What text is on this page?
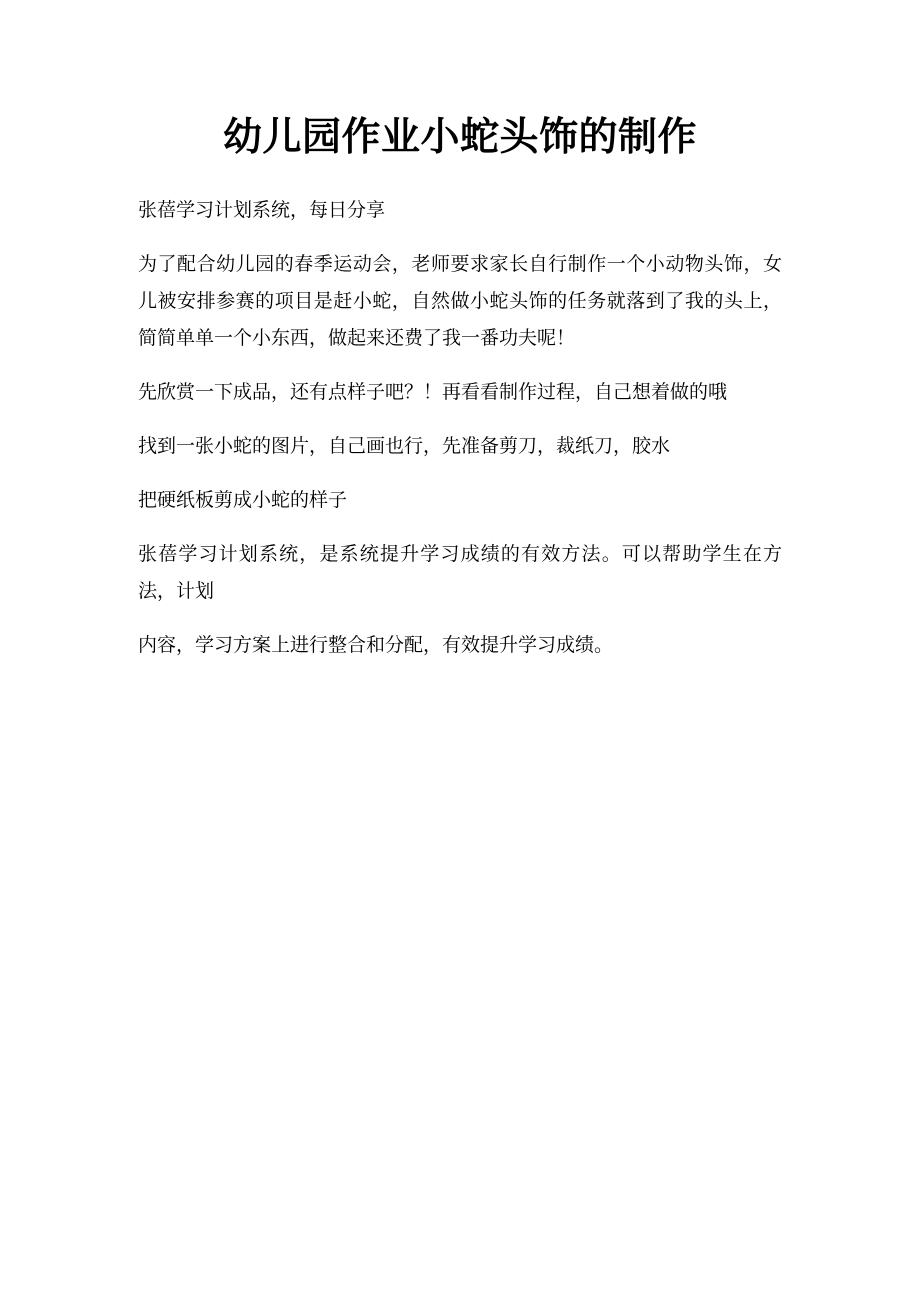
幼儿园作业小蛇头饰的制作

张蓓学习计划系统，每日分享

为了配合幼儿园的春季运动会，老师要求家长自行制作一个小动物头饰，女儿被安排参赛的项目是赶小蛇，自然做小蛇头饰的任务就落到了我的头上，简简单单一个小东西，做起来还费了我一番功夫呢！

先欣赏一下成品，还有点样子吧？！再看看制作过程，自己想着做的哦

找到一张小蛇的图片，自己画也行，先准备剪刀，裁纸刀，胶水

把硬纸板剪成小蛇的样子

张蓓学习计划系统，是系统提升学习成绩的有效方法。可以帮助学生在方法，计划

内容，学习方案上进行整合和分配，有效提升学习成绩。
